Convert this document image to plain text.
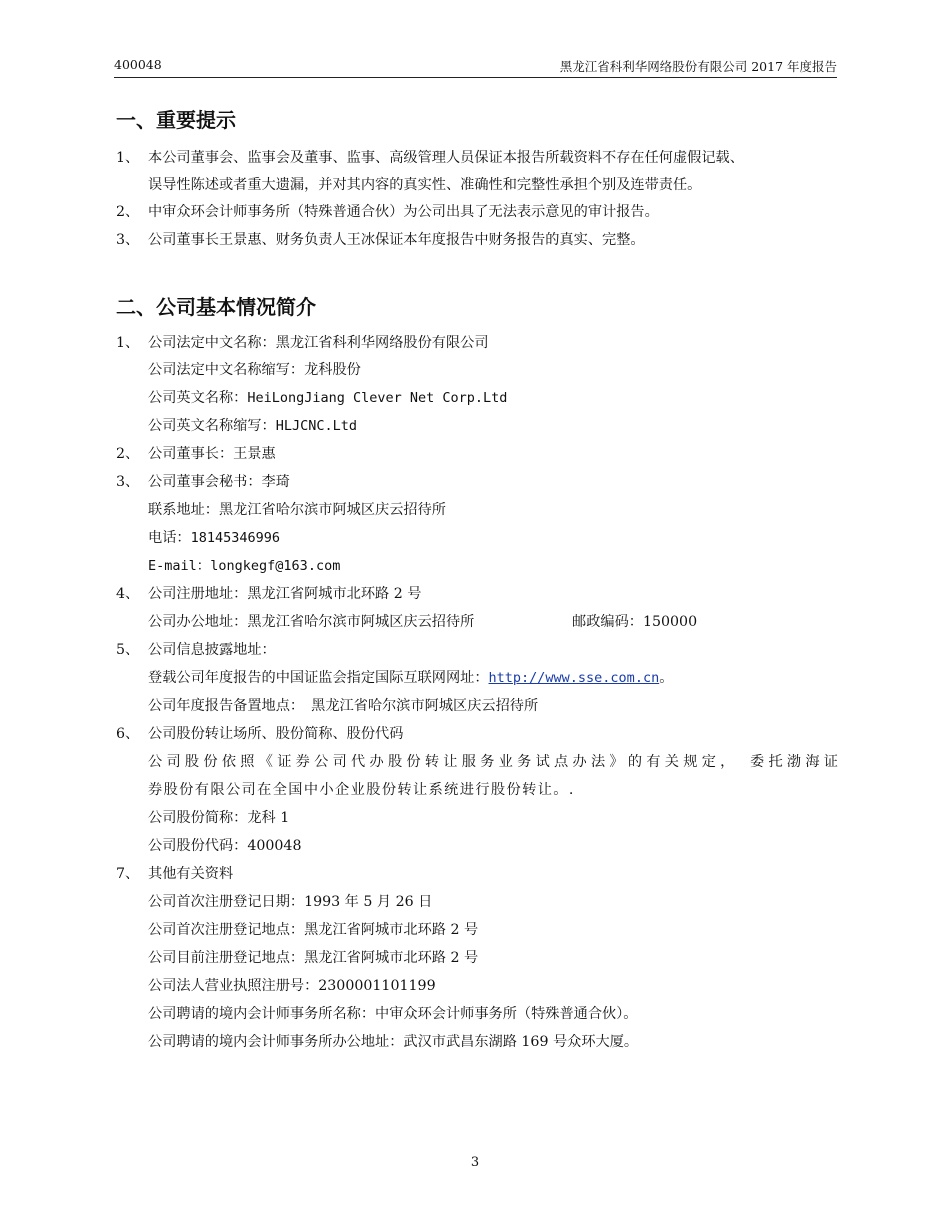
400048	黑龙江省科利华网络股份有限公司 2017 年度报告
一、重要提示
1、 本公司董事会、监事会及董事、监事、高级管理人员保证本报告所载资料不存在任何虚假记载、
误导性陈述或者重大遗漏，并对其内容的真实性、准确性和完整性承担个别及连带责任。
2、 中审众环会计师事务所（特殊普通合伙）为公司出具了无法表示意见的审计报告。
3、 公司董事长王景惠、财务负责人王冰保证本年度报告中财务报告的真实、完整。
二、公司基本情况简介
1、 公司法定中文名称：黑龙江省科利华网络股份有限公司
公司法定中文名称缩写：龙科股份
公司英文名称：HeiLongJiang Clever Net Corp.Ltd
公司英文名称缩写：HLJCNC.Ltd
2、 公司董事长：王景惠
3、 公司董事会秘书：李琦
联系地址：黑龙江省哈尔滨市阿城区庆云招待所
电话：18145346996
E-mail：longkegf@163.com
4、 公司注册地址：黑龙江省阿城市北环路 2 号
公司办公地址：黑龙江省哈尔滨市阿城区庆云招待所	邮政编码：150000
5、 公司信息披露地址：
登载公司年度报告的中国证监会指定国际互联网网址：http://www.sse.com.cn。
公司年度报告备置地点：　黑龙江省哈尔滨市阿城区庆云招待所
6、 公司股份转让场所、股份简称、股份代码
公司股份依照《证券公司代办股份转让服务业务试点办法》的有关规定，　委托渤海证
券股份有限公司在全国中小企业股份转让系统进行股份转让。.
公司股份简称：龙科 1
公司股份代码：400048
7、 其他有关资料
公司首次注册登记日期：1993 年 5 月 26 日
公司首次注册登记地点：黑龙江省阿城市北环路 2 号
公司目前注册登记地点：黑龙江省阿城市北环路 2 号
公司法人营业执照注册号：2300001101199
公司聘请的境内会计师事务所名称：中审众环会计师事务所（特殊普通合伙）。
公司聘请的境内会计师事务所办公地址：武汉市武昌东湖路 169 号众环大厦。
3
